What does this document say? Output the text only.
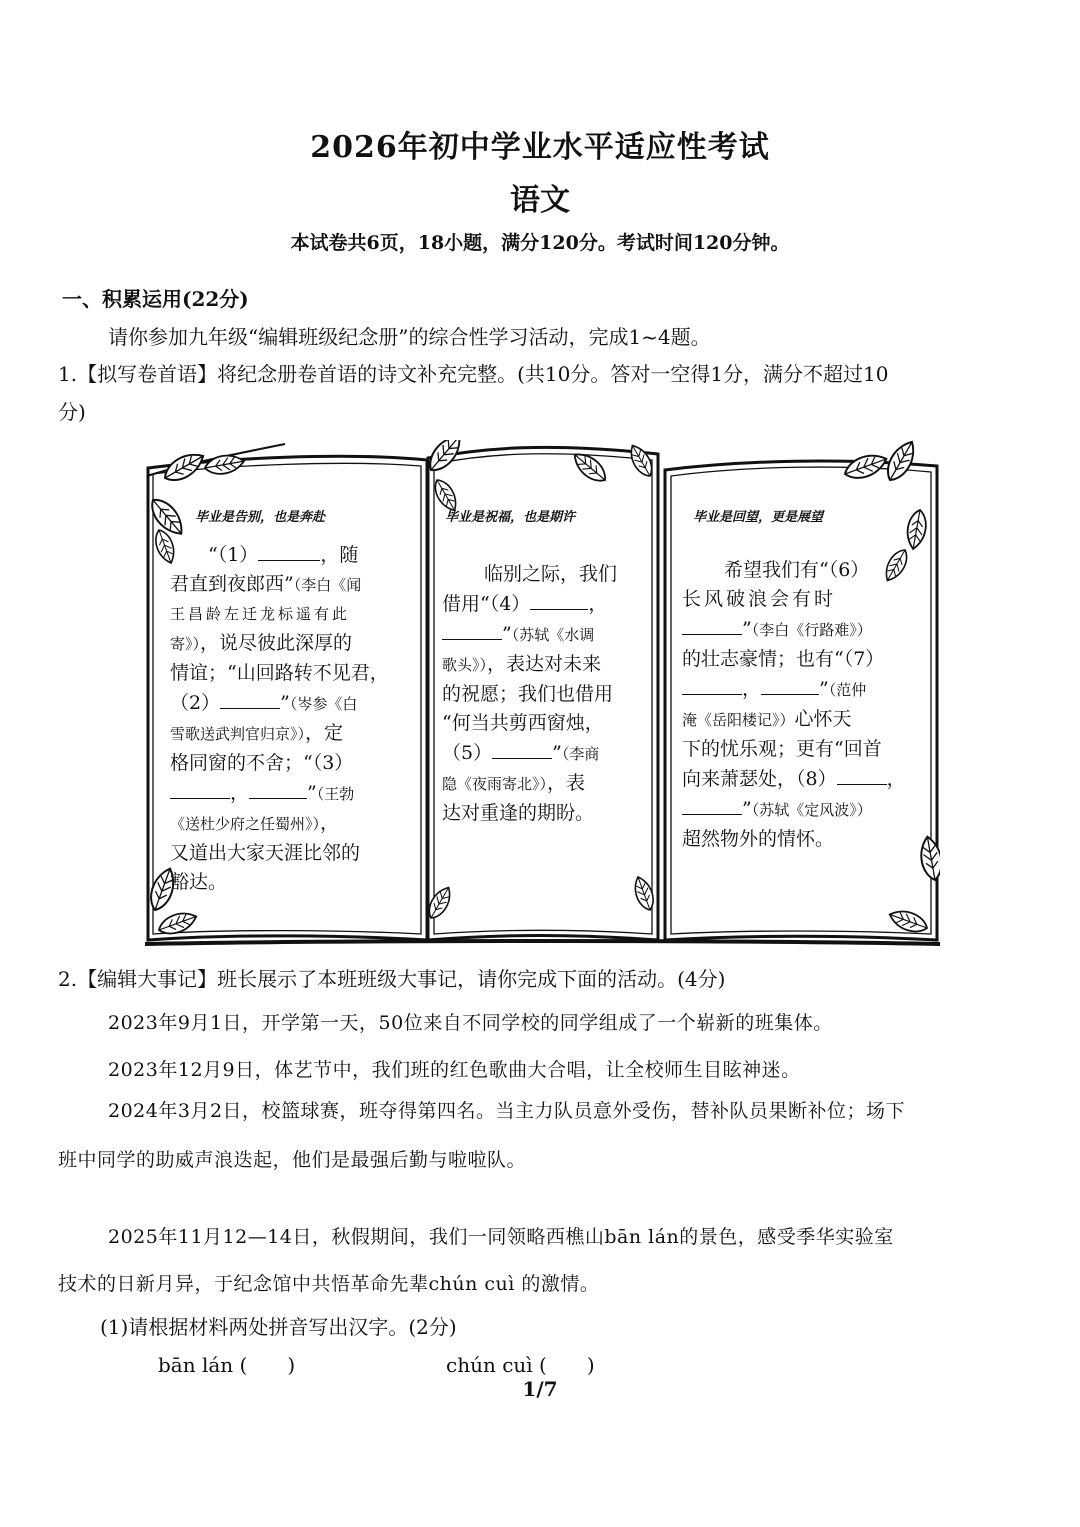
2026年初中学业水平适应性考试
语文
本试卷共6页，18小题，满分120分。考试时间120分钟。
一、积累运用(22分)
请你参加九年级“编辑班级纪念册”的综合性学习活动，完成1~4题。
1.【拟写卷首语】将纪念册卷首语的诗文补充完整。(共10分。答对一空得1分，满分不超过10
分)
毕业是告别，也是奔赴
“（1）	，随
君直到夜郎西”（李白《闻
王昌龄左迁龙标遥有此
寄》），说尽彼此深厚的
情谊；“山回路转不见君，
（2）	”（岑参《白
雪歌送武判官归京》），定
格同窗的不舍；“（3）
，	”（王勃
《送杜少府之任蜀州》），
又道出大家天涯比邻的
豁达。
毕业是祝福，也是期许
临别之际，我们
借用“（4）	，
”（苏轼《水调
歌头》），表达对未来
的祝愿；我们也借用
“何当共剪西窗烛，
（5）	”（李商
隐《夜雨寄北》），表
达对重逢的期盼。
毕业是回望，更是展望
希望我们有“（6）
长风破浪会有时
”（李白《行路难》）
的壮志豪情；也有“（7）
，	”（范仲
淹《岳阳楼记》）心怀天
下的忧乐观；更有“回首
向来萧瑟处，（8）	，
”（苏轼《定风波》）
超然物外的情怀。
2.【编辑大事记】班长展示了本班班级大事记，请你完成下面的活动。(4分)
2023年9月1日，开学第一天，50位来自不同学校的同学组成了一个崭新的班集体。
2023年12月9日，体艺节中，我们班的红色歌曲大合唱，让全校师生目眩神迷。
2024年3月2日，校篮球赛，班夺得第四名。当主力队员意外受伤，替补队员果断补位；场下
班中同学的助威声浪迭起，他们是最强后勤与啦啦队。
2025年11月12—14日，秋假期间，我们一同领略西樵山bān lán的景色，感受季华实验室
技术的日新月异，于纪念馆中共悟革命先辈chún cuì 的激情。
(1)请根据材料两处拼音写出汉字。(2分)
bān lán (　　)	chún cuì (　　)
1/7
